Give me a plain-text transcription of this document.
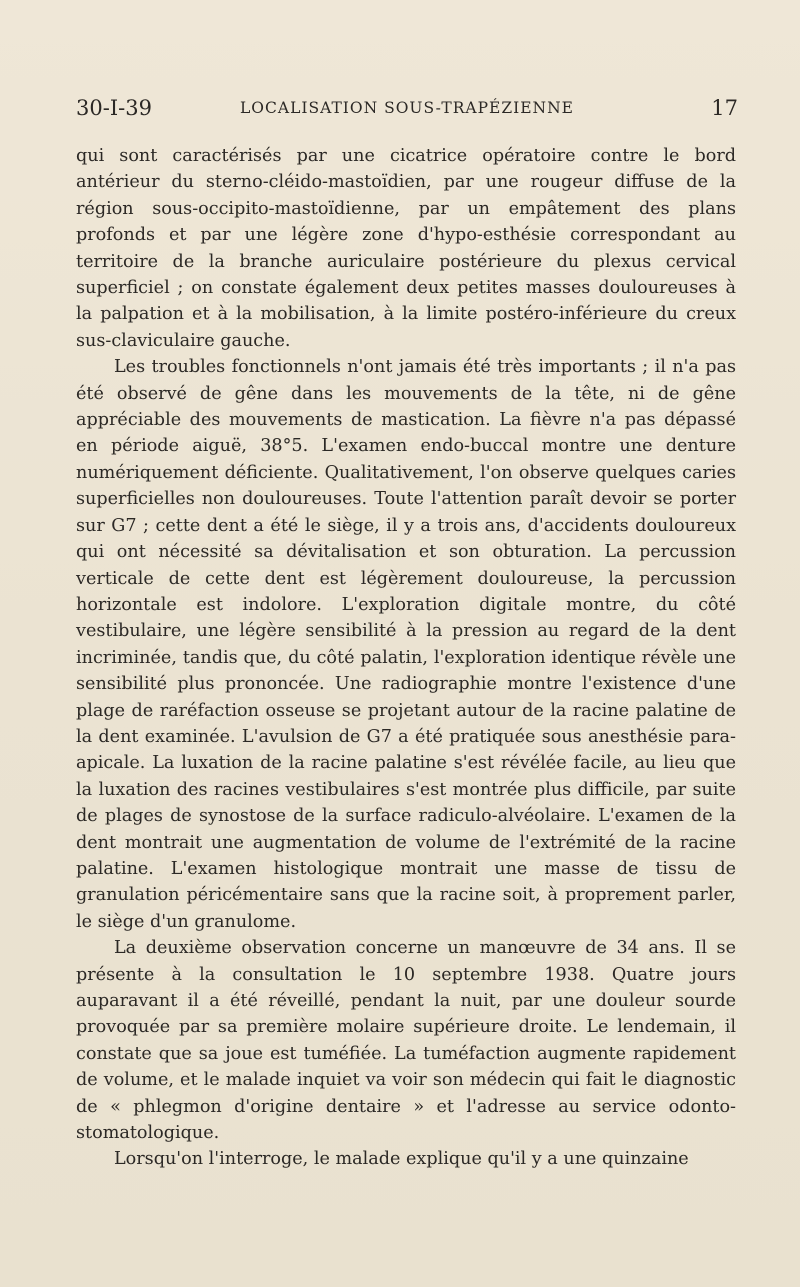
30-I-39	LOCALISATION SOUS-TRAPÉZIENNE	17

qui sont caractérisés par une cicatrice opératoire contre le bord antérieur du sterno-cléido-mastoïdien, par une rougeur diffuse de la région sous-occipito-mastoïdienne, par un empâtement des plans profonds et par une légère zone d'hypo-esthésie correspondant au territoire de la branche auriculaire postérieure du plexus cervical superficiel ; on constate également deux petites masses douloureuses à la palpation et à la mobilisation, à la limite postéro-inférieure du creux sus-claviculaire gauche.

Les troubles fonctionnels n'ont jamais été très importants ; il n'a pas été observé de gêne dans les mouvements de la tête, ni de gêne appréciable des mouvements de mastication. La fièvre n'a pas dépassé en période aiguë, 38°5. L'examen endo-buccal montre une denture numériquement déficiente. Qualitativement, l'on observe quelques caries superficielles non douloureuses. Toute l'attention paraît devoir se porter sur G7 ; cette dent a été le siège, il y a trois ans, d'accidents douloureux qui ont nécessité sa dévitalisation et son obturation. La percussion verticale de cette dent est légèrement douloureuse, la percussion horizontale est indolore. L'exploration digitale montre, du côté vestibulaire, une légère sensibilité à la pression au regard de la dent incriminée, tandis que, du côté palatin, l'exploration identique révèle une sensibilité plus prononcée. Une radiographie montre l'existence d'une plage de raréfaction osseuse se projetant autour de la racine palatine de la dent examinée. L'avulsion de G7 a été pratiquée sous anesthésie para-apicale. La luxation de la racine palatine s'est révélée facile, au lieu que la luxation des racines vestibulaires s'est montrée plus difficile, par suite de plages de synostose de la surface radiculo-alvéolaire. L'examen de la dent montrait une augmentation de volume de l'extrémité de la racine palatine. L'examen histologique montrait une masse de tissu de granulation péricémentaire sans que la racine soit, à proprement parler, le siège d'un granulome.

La deuxième observation concerne un manœuvre de 34 ans. Il se présente à la consultation le 10 septembre 1938. Quatre jours auparavant il a été réveillé, pendant la nuit, par une douleur sourde provoquée par sa première molaire supérieure droite. Le lendemain, il constate que sa joue est tuméfiée. La tuméfaction augmente rapidement de volume, et le malade inquiet va voir son médecin qui fait le diagnostic de « phlegmon d'origine dentaire » et l'adresse au service odonto-stomatologique.

Lorsqu'on l'interroge, le malade explique qu'il y a une quinzaine
